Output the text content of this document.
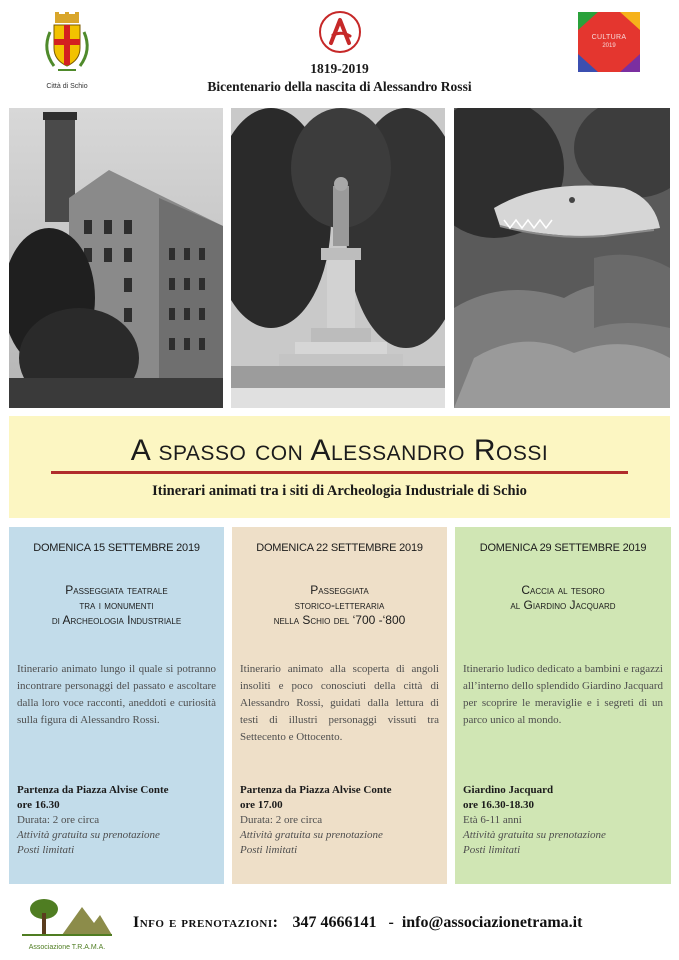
Città di Schio
CULTURA
2019
1819-2019
Bicentenario della nascita di Alessandro Rossi
A spasso con Alessandro Rossi
Itinerari animati tra i siti di Archeologia Industriale di Schio
DOMENICA 15 SETTEMBRE 2019
Passeggiata teatrale
tra i monumenti
di Archeologia Industriale
Itinerario animato lungo il quale si potranno incontrare personaggi del passato e ascoltare dalla loro voce racconti, aneddoti e curiosità sulla figura di Alessandro Rossi.
Partenza da Piazza Alvise Conte
ore 16.30
Durata: 2 ore circa
Attività gratuita su prenotazione
Posti limitati
DOMENICA 22 SETTEMBRE 2019
Passeggiata
storico-letteraria
nella Schio del ‘700 -‘800
Itinerario animato alla scoperta di angoli insoliti e poco conosciuti della città di Alessandro Rossi, guidati dalla lettura di testi di illustri personaggi vissuti tra Settecento e Ottocento.
Partenza da Piazza Alvise Conte
ore 17.00
Durata: 2 ore circa
Attività gratuita su prenotazione
Posti limitati
DOMENICA 29 SETTEMBRE 2019
Caccia al tesoro
al Giardino Jacquard
Itinerario ludico dedicato a bambini e ragazzi all’interno dello splendido Giardino Jacquard per scoprire le meraviglie e i segreti di un parco unico al mondo.
Giardino Jacquard
ore 16.30-18.30
Età 6-11 anni
Attività gratuita su prenotazione
Posti limitati
Associazione T.R.A.M.A.
Info e prenotazioni: 347 4666141 - info@associazionetrama.it
